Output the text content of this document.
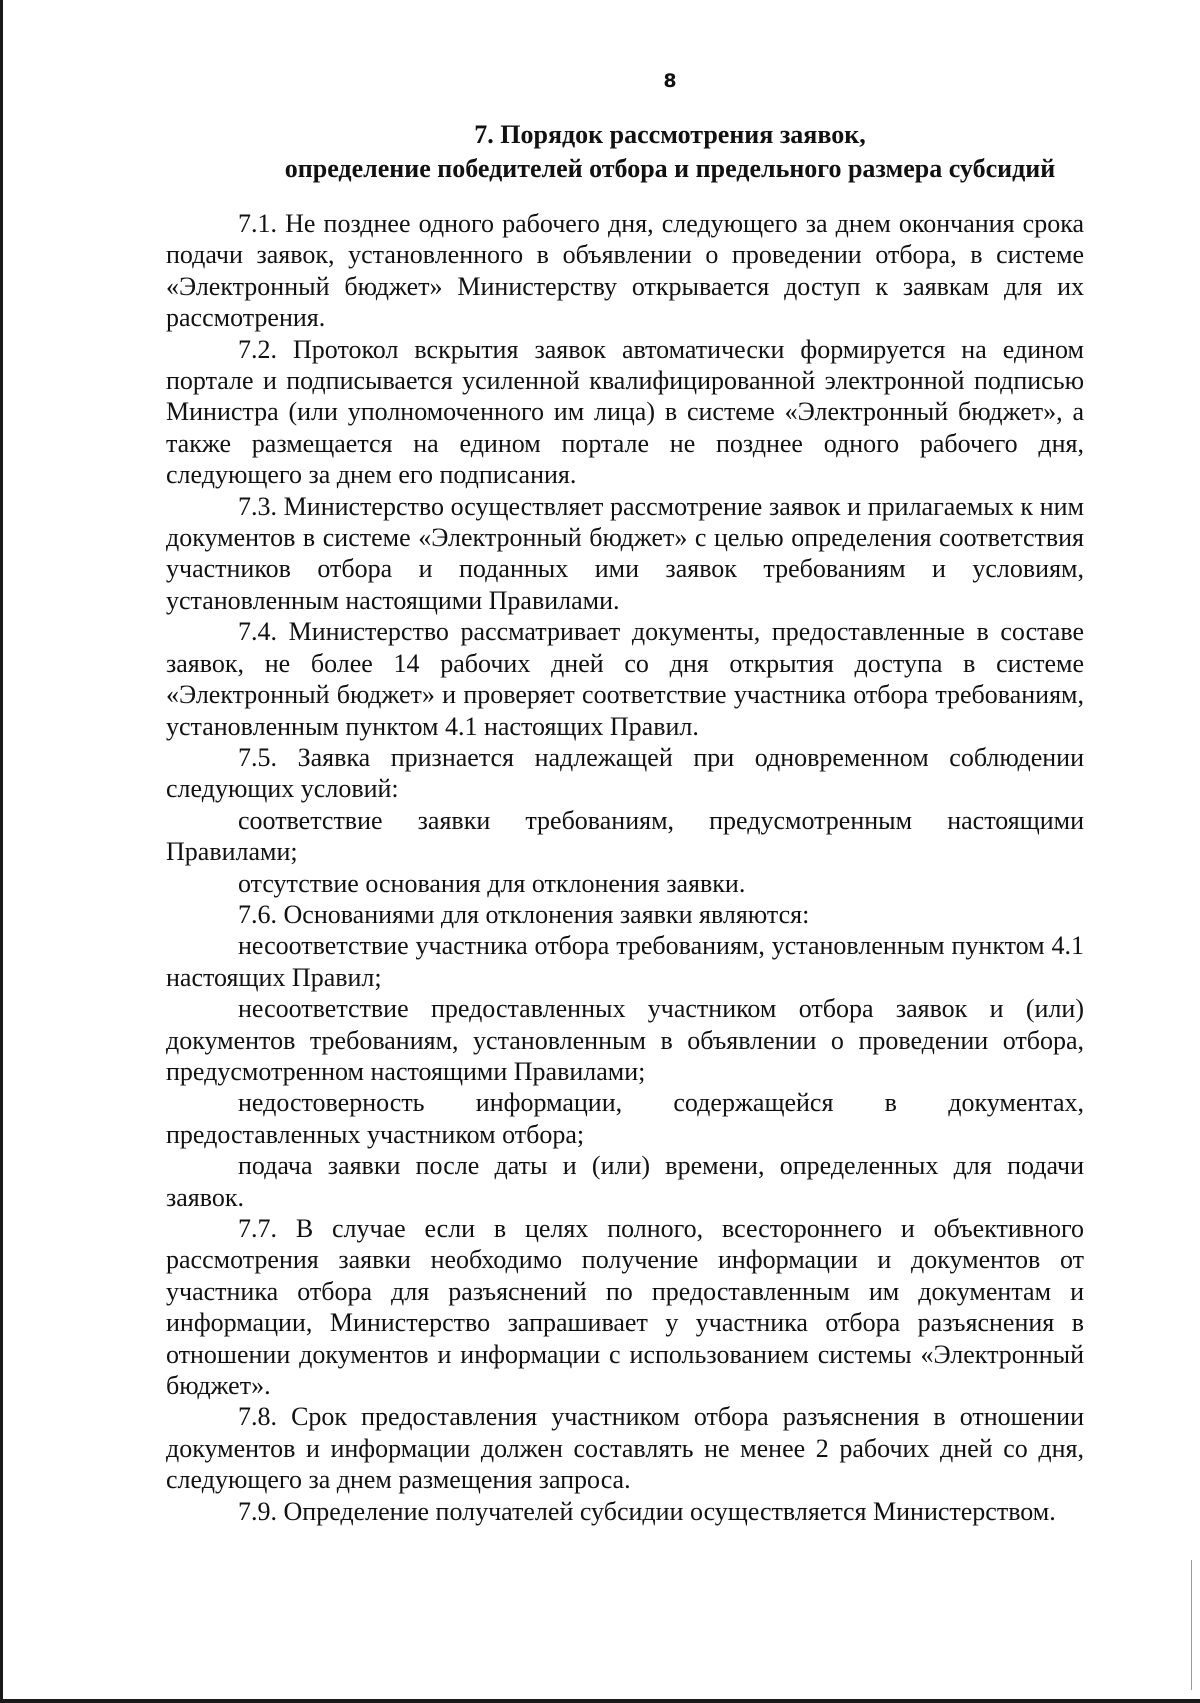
8
7. Порядок рассмотрения заявок,
определение победителей отбора и предельного размера субсидий

7.1. Не позднее одного рабочего дня, следующего за днем окончания срока подачи заявок, установленного в объявлении о проведении отбора, в системе «Электронный бюджет» Министерству открывается доступ к заявкам для их рассмотрения.

7.2. Протокол вскрытия заявок автоматически формируется на едином портале и подписывается усиленной квалифицированной электронной подписью Министра (или уполномоченного им лица) в системе «Электронный бюджет», а также размещается на едином портале не позднее одного рабочего дня, следующего за днем его подписания.

7.3. Министерство осуществляет рассмотрение заявок и прилагаемых к ним документов в системе «Электронный бюджет» с целью определения соответствия участников отбора и поданных ими заявок требованиям и условиям, установленным настоящими Правилами.

7.4. Министерство рассматривает документы, предоставленные в составе заявок, не более 14 рабочих дней со дня открытия доступа в системе «Электронный бюджет» и проверяет соответствие участника отбора требованиям, установленным пунктом 4.1 настоящих Правил.

7.5. Заявка признается надлежащей при одновременном соблюдении следующих условий:

соответствие заявки требованиям, предусмотренным настоящими Правилами;

отсутствие основания для отклонения заявки.

7.6. Основаниями для отклонения заявки являются:

несоответствие участника отбора требованиям, установленным пунктом 4.1 настоящих Правил;

несоответствие предоставленных участником отбора заявок и (или) документов требованиям, установленным в объявлении о проведении отбора, предусмотренном настоящими Правилами;

недостоверность информации, содержащейся в документах, предоставленных участником отбора;

подача заявки после даты и (или) времени, определенных для подачи заявок.

7.7. В случае если в целях полного, всестороннего и объективного рассмотрения заявки необходимо получение информации и документов от участника отбора для разъяснений по предоставленным им документам и информации, Министерство запрашивает у участника отбора разъяснения в отношении документов и информации с использованием системы «Электронный бюджет».

7.8. Срок предоставления участником отбора разъяснения в отношении документов и информации должен составлять не менее 2 рабочих дней со дня, следующего за днем размещения запроса.

7.9. Определение получателей субсидии осуществляется Министерством.
